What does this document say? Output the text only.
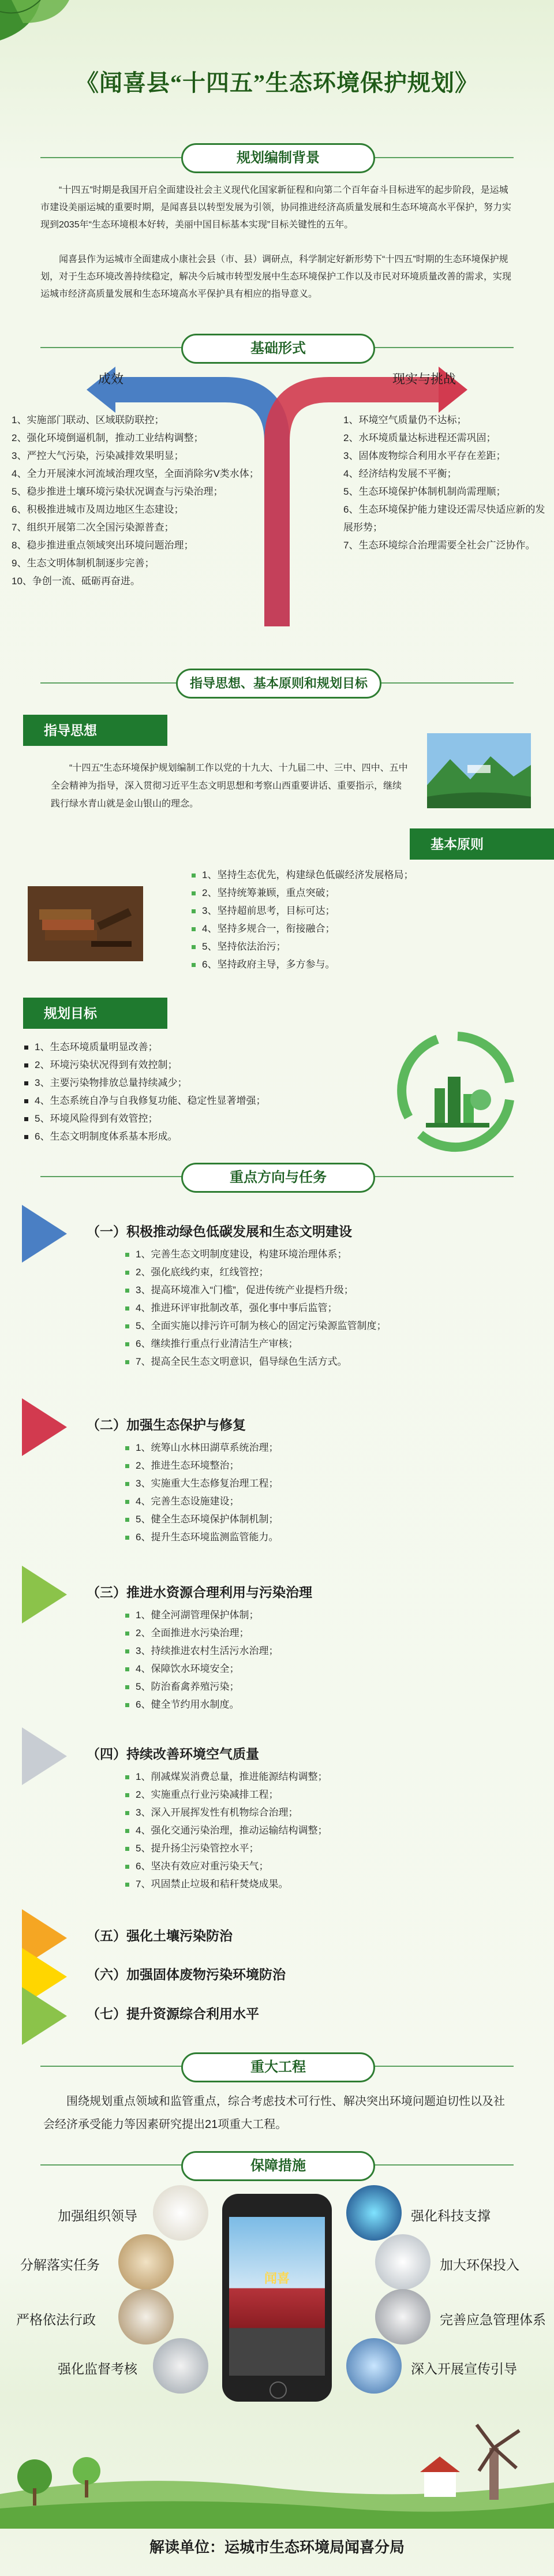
《闻喜县“十四五”生态环境保护规划》
规划编制背景
“十四五”时期是我国开启全面建设社会主义现代化国家新征程和向第二个百年奋斗目标进军的起步阶段，是运城市建设美丽运城的重要时期，是闻喜县以转型发展为引领，协同推进经济高质量发展和生态环境高水平保护，努力实现到2035年“生态环境根本好转，美丽中国目标基本实现”目标关键性的五年。
闻喜县作为运城市全面建成小康社会县（市、县）调研点，科学制定好新形势下“十四五”时期的生态环境保护规划，对于生态环境改善持续稳定，解决今后城市转型发展中生态环境保护工作以及市民对环境质量改善的需求，实现运城市经济高质量发展和生态环境高水平保护具有相应的指导意义。
基础形式
成效	现实与挑战
1、实施部门联动、区域联防联控；
2、强化环境倒逼机制，推动工业结构调整；
3、严控大气污染，污染减排效果明显；
4、全力开展涑水河流域治理攻坚，全面消除劣V类水体；
5、稳步推进土壤环境污染状况调查与污染治理；
6、积极推进城市及周边地区生态建设；
7、组织开展第二次全国污染源普查；
8、稳步推进重点领域突出环境问题治理；
9、生态文明体制机制逐步完善；
10、争创一流、砥砺再奋进。
1、环境空气质量仍不达标；
2、水环境质量达标进程还需巩固；
3、固体废物综合利用水平存在差距；
4、经济结构发展不平衡；
5、生态环境保护体制机制尚需理顺；
6、生态环境保护能力建设还需尽快适应新的发展形势；
7、生态环境综合治理需要全社会广泛协作。
指导思想、基本原则和规划目标
指导思想
“十四五”生态环境保护规划编制工作以党的十九大、十九届二中、三中、四中、五中全会精神为指导，深入贯彻习近平生态文明思想和考察山西重要讲话、重要指示，继续践行绿水青山就是金山银山的理念。
基本原则
1、坚持生态优先，构建绿色低碳经济发展格局；
2、坚持统筹兼顾，重点突破；
3、坚持超前思考，目标可达；
4、坚持多规合一，衔接融合；
5、坚持依法治污；
6、坚持政府主导，多方参与。
规划目标
1、生态环境质量明显改善；
2、环境污染状况得到有效控制；
3、主要污染物排放总量持续减少；
4、生态系统自净与自我修复功能、稳定性显著增强；
5、环境风险得到有效管控；
6、生态文明制度体系基本形成。
重点方向与任务
（一）积极推动绿色低碳发展和生态文明建设
1、完善生态文明制度建设，构建环境治理体系；
2、强化底线约束，红线管控；
3、提高环境准入“门槛”，促进传统产业提档升级；
4、推进环评审批制改革，强化事中事后监管；
5、全面实施以排污许可制为核心的固定污染源监管制度；
6、继续推行重点行业清洁生产审核；
7、提高全民生态文明意识，倡导绿色生活方式。
（二）加强生态保护与修复
1、统筹山水林田湖草系统治理；
2、推进生态环境整治；
3、实施重大生态修复治理工程；
4、完善生态设施建设；
5、健全生态环境保护体制机制；
6、提升生态环境监测监管能力。
（三）推进水资源合理利用与污染治理
1、健全河湖管理保护体制；
2、全面推进水污染治理；
3、持续推进农村生活污水治理；
4、保障饮水环境安全；
5、防治畜禽养殖污染；
6、健全节约用水制度。
（四）持续改善环境空气质量
1、削减煤炭消费总量，推进能源结构调整；
2、实施重点行业污染减排工程；
3、深入开展挥发性有机物综合治理；
4、强化交通污染治理，推动运输结构调整；
5、提升扬尘污染管控水平；
6、坚决有效应对重污染天气；
7、巩固禁止垃圾和秸秆焚烧成果。
（五）强化土壤污染防治
（六）加强固体废物污染环境防治
（七）提升资源综合利用水平
重大工程
围绕规划重点领域和监管重点，综合考虑技术可行性、解决突出环境问题迫切性以及社会经济承受能力等因素研究提出21项重大工程。
保障措施
闻喜
加强组织领导
分解落实任务
严格依法行政
强化监督考核
强化科技支撑
加大环保投入
完善应急管理体系
深入开展宣传引导
解读单位：运城市生态环境局闻喜分局
